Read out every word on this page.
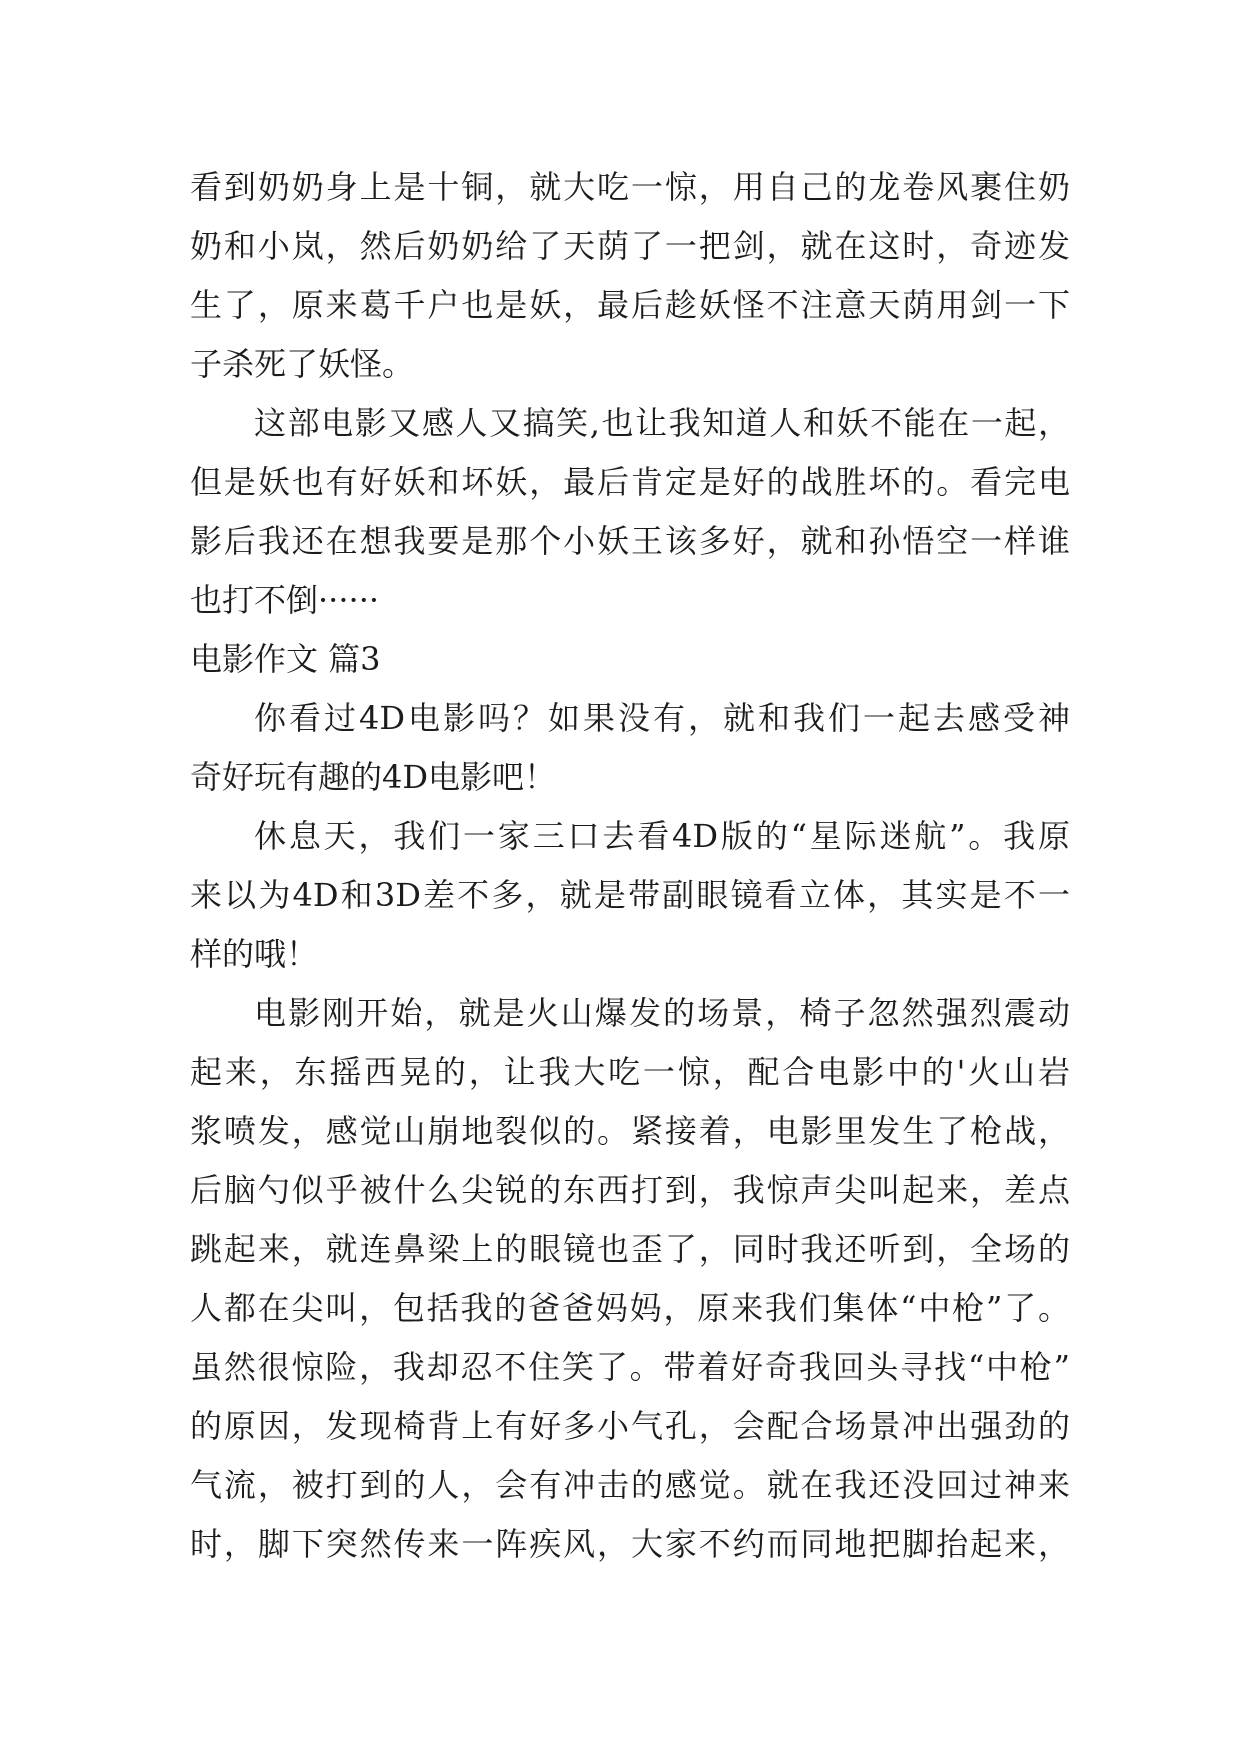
看到奶奶身上是十铜，就大吃一惊，用自己的龙卷风裹住奶
奶和小岚，然后奶奶给了天荫了一把剑，就在这时，奇迹发
生了，原来葛千户也是妖，最后趁妖怪不注意天荫用剑一下
子杀死了妖怪。
这部电影又感人又搞笑,也让我知道人和妖不能在一起，
但是妖也有好妖和坏妖，最后肯定是好的战胜坏的。看完电
影后我还在想我要是那个小妖王该多好，就和孙悟空一样谁
也打不倒······
电影作文 篇3
你看过4D电影吗？如果没有，就和我们一起去感受神
奇好玩有趣的4D电影吧！
休息天，我们一家三口去看4D版的“星际迷航”。我原
来以为4D和3D差不多，就是带副眼镜看立体，其实是不一
样的哦！
电影刚开始，就是火山爆发的场景，椅子忽然强烈震动
起来，东摇西晃的，让我大吃一惊，配合电影中的'火山岩
浆喷发，感觉山崩地裂似的。紧接着，电影里发生了枪战，
后脑勺似乎被什么尖锐的东西打到，我惊声尖叫起来，差点
跳起来，就连鼻梁上的眼镜也歪了，同时我还听到，全场的
人都在尖叫，包括我的爸爸妈妈，原来我们集体“中枪”了。
虽然很惊险，我却忍不住笑了。带着好奇我回头寻找“中枪”
的原因，发现椅背上有好多小气孔，会配合场景冲出强劲的
气流，被打到的人，会有冲击的感觉。就在我还没回过神来
时，脚下突然传来一阵疾风，大家不约而同地把脚抬起来，
